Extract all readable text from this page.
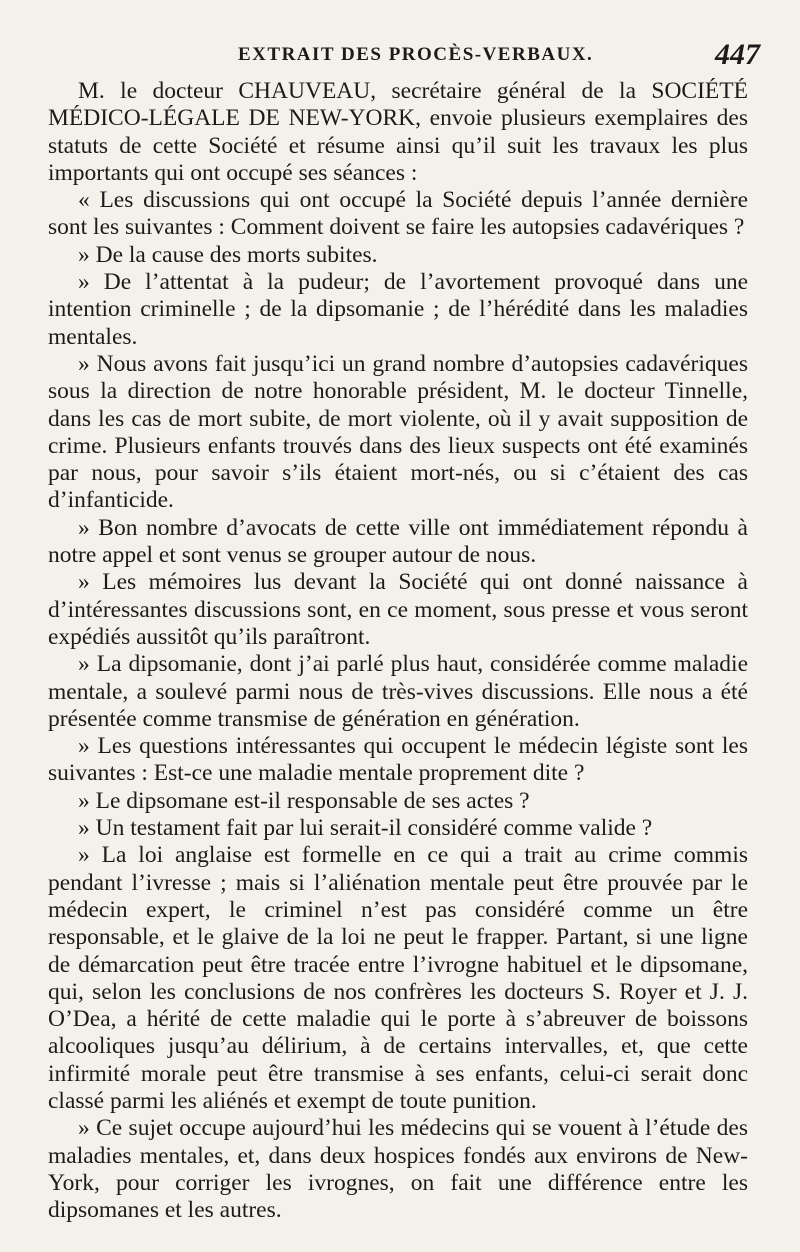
EXTRAIT DES PROCÈS-VERBAUX.	447

M. le docteur CHAUVEAU, secrétaire général de la SOCIÉTÉ MÉDICO-LÉGALE DE NEW-YORK, envoie plusieurs exemplaires des statuts de cette Société et résume ainsi qu’il suit les travaux les plus importants qui ont occupé ses séances :

« Les discussions qui ont occupé la Société depuis l’année dernière sont les suivantes : Comment doivent se faire les autopsies cadavériques ?

» De la cause des morts subites.

» De l’attentat à la pudeur; de l’avortement provoqué dans une intention criminelle ; de la dipsomanie ; de l’hérédité dans les maladies mentales.

» Nous avons fait jusqu’ici un grand nombre d’autopsies cadavériques sous la direction de notre honorable président, M. le docteur Tinnelle, dans les cas de mort subite, de mort violente, où il y avait supposition de crime. Plusieurs enfants trouvés dans des lieux suspects ont été examinés par nous, pour savoir s’ils étaient mort-nés, ou si c’étaient des cas d’infanticide.

» Bon nombre d’avocats de cette ville ont immédiatement répondu à notre appel et sont venus se grouper autour de nous.

» Les mémoires lus devant la Société qui ont donné naissance à d’intéressantes discussions sont, en ce moment, sous presse et vous seront expédiés aussitôt qu’ils paraîtront.

» La dipsomanie, dont j’ai parlé plus haut, considérée comme maladie mentale, a soulevé parmi nous de très-vives discussions. Elle nous a été présentée comme transmise de génération en génération.

» Les questions intéressantes qui occupent le médecin légiste sont les suivantes : Est-ce une maladie mentale proprement dite ?

» Le dipsomane est-il responsable de ses actes ?

» Un testament fait par lui serait-il considéré comme valide ?

» La loi anglaise est formelle en ce qui a trait au crime commis pendant l’ivresse ; mais si l’aliénation mentale peut être prouvée par le médecin expert, le criminel n’est pas considéré comme un être responsable, et le glaive de la loi ne peut le frapper. Partant, si une ligne de démarcation peut être tracée entre l’ivrogne habituel et le dipsomane, qui, selon les conclusions de nos confrères les docteurs S. Royer et J. J. O’Dea, a hérité de cette maladie qui le porte à s’abreuver de boissons alcooliques jusqu’au délirium, à de certains intervalles, et, que cette infirmité morale peut être transmise à ses enfants, celui-ci serait donc classé parmi les aliénés et exempt de toute punition.

» Ce sujet occupe aujourd’hui les médecins qui se vouent à l’étude des maladies mentales, et, dans deux hospices fondés aux environs de New-York, pour corriger les ivrognes, on fait une différence entre les dipsomanes et les autres.
